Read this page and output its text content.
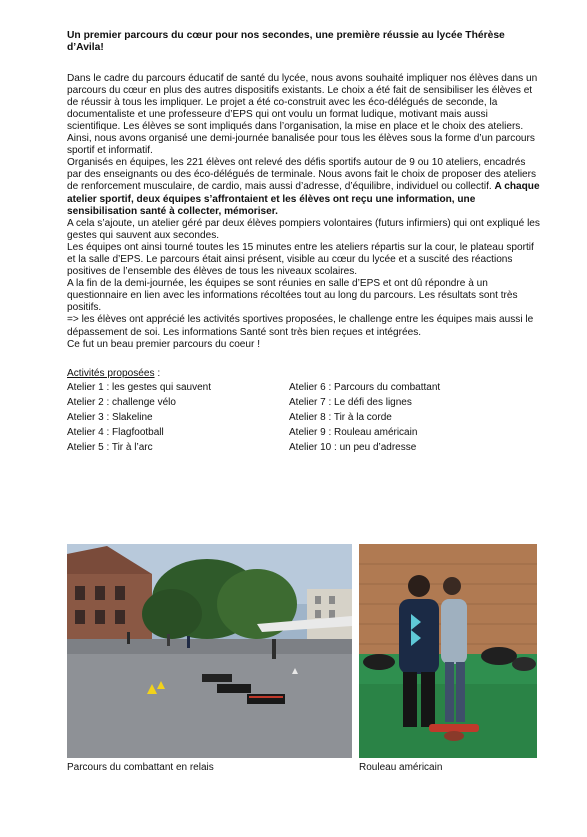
Un premier parcours du cœur pour nos secondes, une première réussie au lycée Thérèse d’Avila!

Dans le cadre du parcours éducatif de santé du lycée, nous avons souhaité impliquer nos élèves dans un parcours du cœur en plus des autres dispositifs existants. Le choix a été fait de sensibiliser les élèves et de réussir à tous les impliquer. Le projet a été co-construit avec les éco-délégués de seconde, la documentaliste et une professeure d’EPS qui ont voulu un format ludique, motivant mais aussi scientifique. Les élèves se sont impliqués dans l’organisation, la mise en place et le choix des ateliers.

Ainsi, nous avons organisé une demi-journée banalisée pour tous les élèves sous la forme d’un parcours sportif et informatif.

Organisés en équipes, les 221 élèves ont relevé des défis sportifs autour de 9 ou 10 ateliers, encadrés par des enseignants ou des éco-délégués de terminale. Nous avons fait le choix de proposer des ateliers de renforcement musculaire, de cardio, mais aussi d’adresse, d’équilibre, individuel ou collectif. A chaque atelier sportif, deux équipes s’affrontaient et les élèves ont reçu une information, une sensibilisation santé à collecter, mémoriser.

A cela s’ajoute, un atelier géré par deux élèves pompiers volontaires (futurs infirmiers) qui ont expliqué les gestes qui sauvent aux secondes.

Les équipes ont ainsi tourné toutes les 15 minutes entre les ateliers répartis sur la cour, le plateau sportif et la salle d’EPS. Le parcours était ainsi présent, visible au cœur du lycée et a suscité des réactions positives de l’ensemble des élèves de tous les niveaux scolaires.

A la fin de la demi-journée, les équipes se sont réunies en salle d’EPS et ont dû répondre à un questionnaire en lien avec les informations récoltées tout au long du parcours. Les résultats sont très positifs.

=> les élèves ont apprécié les activités sportives proposées, le challenge entre les équipes mais aussi le dépassement de soi. Les informations Santé sont très bien reçues et intégrées.

Ce fut un beau premier parcours du coeur !

Activités proposées :
Atelier 1 : les gestes qui sauvent	Atelier 6 : Parcours du combattant
Atelier 2 : challenge vélo	Atelier 7 : Le défi des lignes
Atelier 3 : Slakeline	Atelier 8 : Tir à la corde
Atelier 4 : Flagfootball	Atelier 9 : Rouleau américain
Atelier 5 : Tir à l’arc	Atelier 10 : un peu d’adresse
Parcours du combattant en relais	Rouleau américain
